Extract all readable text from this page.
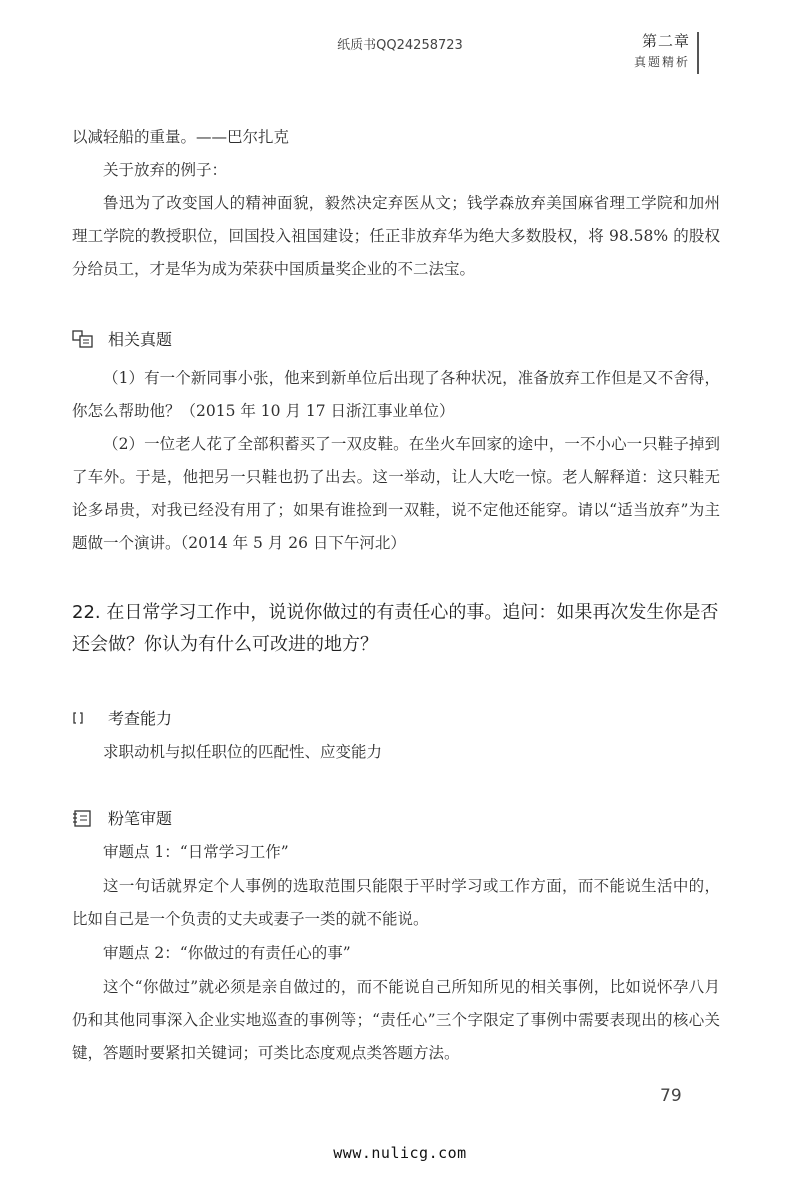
纸质书QQ24258723	第二章
真题精析
以减轻船的重量。——巴尔扎克
关于放弃的例子：
鲁迅为了改变国人的精神面貌，毅然决定弃医从文；钱学森放弃美国麻省理工学院和加州理工学院的教授职位，回国投入祖国建设；任正非放弃华为绝大多数股权，将 98.58% 的股权分给员工，才是华为成为荣获中国质量奖企业的不二法宝。
相关真题
（1）有一个新同事小张，他来到新单位后出现了各种状况，准备放弃工作但是又不舍得，你怎么帮助他？（2015 年 10 月 17 日浙江事业单位）
（2）一位老人花了全部积蓄买了一双皮鞋。在坐火车回家的途中，一不小心一只鞋子掉到了车外。于是，他把另一只鞋也扔了出去。这一举动，让人大吃一惊。老人解释道：这只鞋无论多昂贵，对我已经没有用了；如果有谁捡到一双鞋，说不定他还能穿。请以“适当放弃”为主题做一个演讲。（2014 年 5 月 26 日下午河北）
22. 在日常学习工作中，说说你做过的有责任心的事。追问：如果再次发生你是否还会做？你认为有什么可改进的地方？
考查能力
求职动机与拟任职位的匹配性、应变能力
粉笔审题
审题点 1：“日常学习工作”
这一句话就界定个人事例的选取范围只能限于平时学习或工作方面，而不能说生活中的，比如自己是一个负责的丈夫或妻子一类的就不能说。
审题点 2：“你做过的有责任心的事”
这个“你做过”就必须是亲自做过的，而不能说自己所知所见的相关事例，比如说怀孕八月仍和其他同事深入企业实地巡查的事例等；“责任心”三个字限定了事例中需要表现出的核心关键，答题时要紧扣关键词；可类比态度观点类答题方法。
79
www.nulicg.com
